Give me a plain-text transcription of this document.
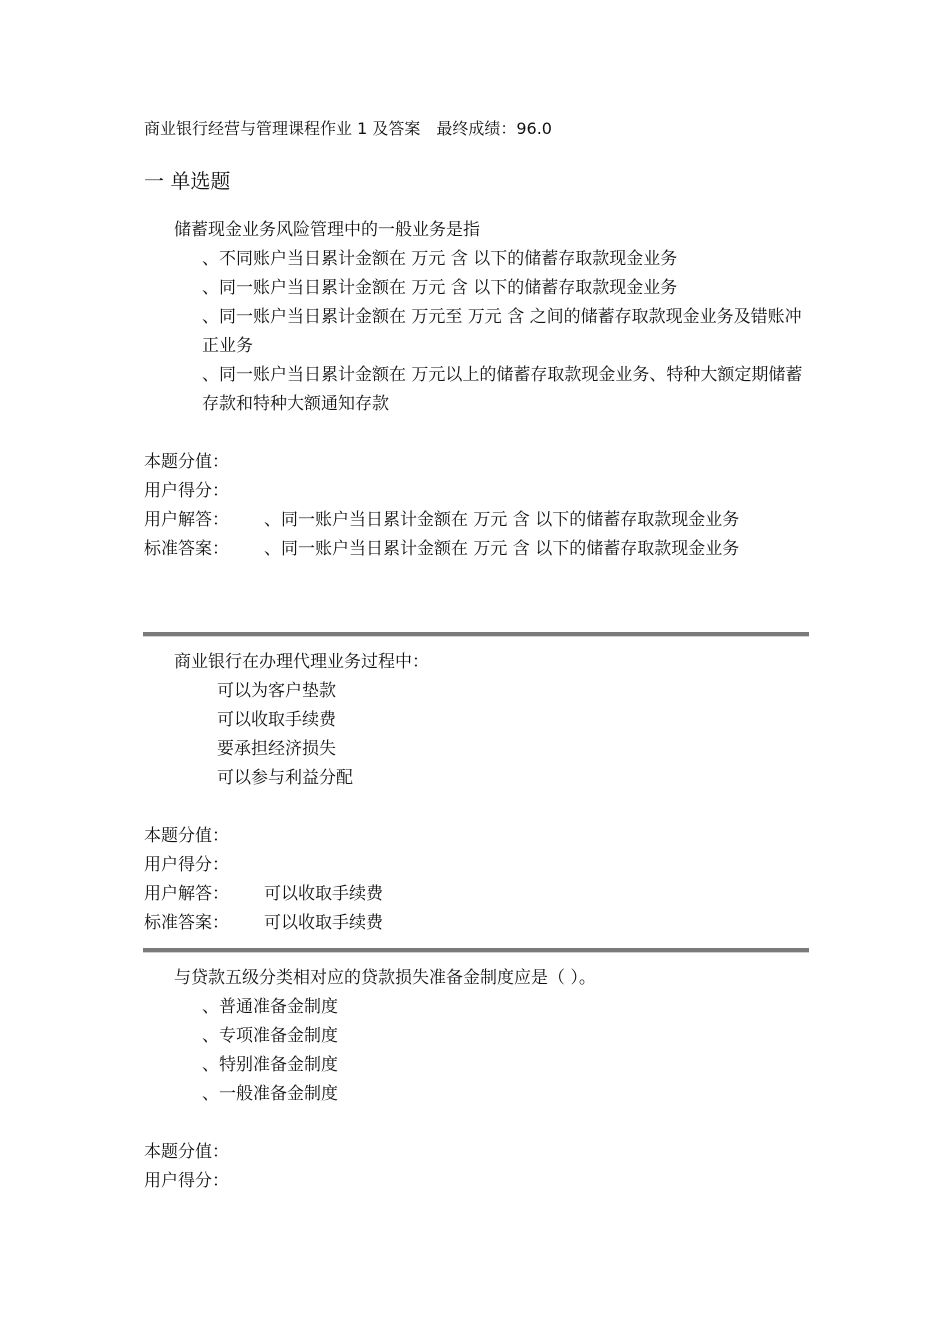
商业银行经营与管理课程作业 1 及答案 最终成绩：96.0
一 单选题
储蓄现金业务风险管理中的一般业务是指
、不同账户当日累计金额在 万元 含 以下的储蓄存取款现金业务
、同一账户当日累计金额在 万元 含 以下的储蓄存取款现金业务
、同一账户当日累计金额在 万元至 万元 含 之间的储蓄存取款现金业务及错账冲正业务
、同一账户当日累计金额在 万元以上的储蓄存取款现金业务、特种大额定期储蓄存款和特种大额通知存款
本题分值：
用户得分：
用户解答：	、同一账户当日累计金额在 万元 含 以下的储蓄存取款现金业务
标准答案：	、同一账户当日累计金额在 万元 含 以下的储蓄存取款现金业务
商业银行在办理代理业务过程中：
可以为客户垫款
可以收取手续费
要承担经济损失
可以参与利益分配
本题分值：
用户得分：
用户解答：	可以收取手续费
标准答案：	可以收取手续费
与贷款五级分类相对应的贷款损失准备金制度应是（ ）。
、普通准备金制度
、专项准备金制度
、特别准备金制度
、一般准备金制度
本题分值：
用户得分：
